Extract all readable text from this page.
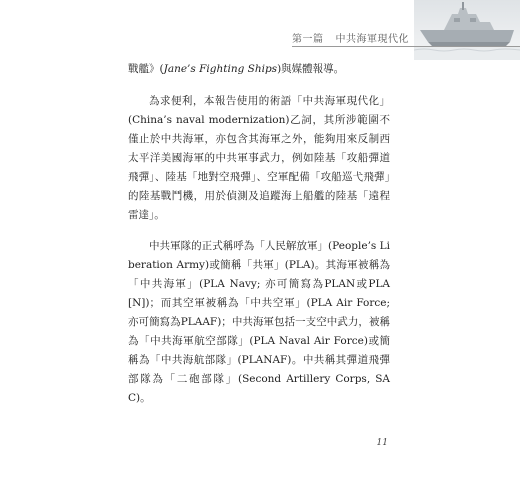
第一篇 中共海軍現代化

戰艦》(Jane’s Fighting Ships)與媒體報導。

為求便利，本報告使用的術語「中共海軍現代化」(China’s naval modernization)乙詞，其所涉範圍不僅止於中共海軍，亦包含其海軍之外，能夠用來反制西太平洋美國海軍的中共軍事武力，例如陸基「攻船彈道飛彈」、陸基「地對空飛彈」、空軍配備「攻船巡弋飛彈」的陸基戰鬥機，用於偵測及追蹤海上船艦的陸基「遠程雷達」。

中共軍隊的正式稱呼為「人民解放軍」(People’s Liberation Army)或簡稱「共軍」(PLA)。其海軍被稱為「中共海軍」(PLA Navy; 亦可簡寫為PLAN或PLA[N])；而其空軍被稱為「中共空軍」(PLA Air Force; 亦可簡寫為PLAAF)；中共海軍包括一支空中武力，被稱為「中共海軍航空部隊」(PLA Naval Air Force)或簡稱為「中共海航部隊」(PLANAF)。中共稱其彈道飛彈部隊為「二砲部隊」(Second Artillery Corps, SAC)。

11
